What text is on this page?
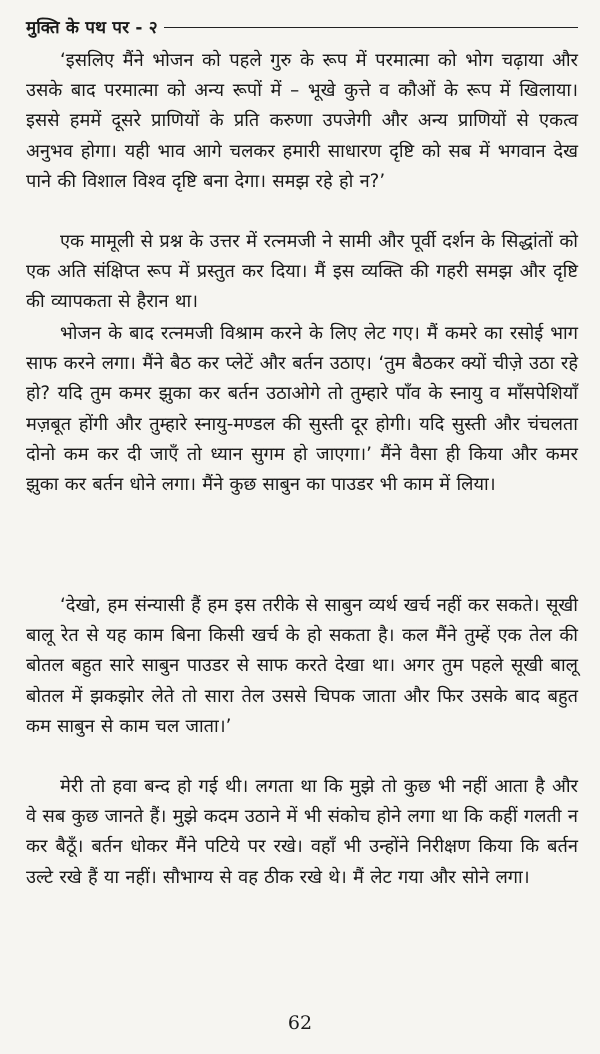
मुक्ति के पथ पर - २

‘इसलिए मैंने भोजन को पहले गुरु के रूप में परमात्मा को भोग चढ़ाया और उसके बाद परमात्मा को अन्य रूपों में – भूखे कुत्ते व कौओं के रूप में खिलाया। इससे हममें दूसरे प्राणियों के प्रति करुणा उपजेगी और अन्य प्राणियों से एकत्व अनुभव होगा। यही भाव आगे चलकर हमारी साधारण दृष्टि को सब में भगवान देख पाने की विशाल विश्व दृष्टि बना देगा। समझ रहे हो न?’

एक मामूली से प्रश्न के उत्तर में रत्नमजी ने सामी और पूर्वी दर्शन के सिद्धांतों को एक अति संक्षिप्त रूप में प्रस्तुत कर दिया। मैं इस व्यक्ति की गहरी समझ और दृष्टि की व्यापकता से हैरान था।

भोजन के बाद रत्नमजी विश्राम करने के लिए लेट गए। मैं कमरे का रसोई भाग साफ करने लगा। मैंने बैठ कर प्लेटें और बर्तन उठाए। ‘तुम बैठकर क्यों चीज़े उठा रहे हो? यदि तुम कमर झुका कर बर्तन उठाओगे तो तुम्हारे पाँव के स्नायु व माँसपेशियाँ मज़बूत होंगी और तुम्हारे स्नायु-मण्डल की सुस्ती दूर होगी। यदि सुस्ती और चंचलता दोनो कम कर दी जाएँ तो ध्यान सुगम हो जाएगा।’ मैंने वैसा ही किया और कमर झुका कर बर्तन धोने लगा। मैंने कुछ साबुन का पाउडर भी काम में लिया।

‘देखो, हम संन्यासी हैं हम इस तरीके से साबुन व्यर्थ खर्च नहीं कर सकते। सूखी बालू रेत से यह काम बिना किसी खर्च के हो सकता है। कल मैंने तुम्हें एक तेल की बोतल बहुत सारे साबुन पाउडर से साफ करते देखा था। अगर तुम पहले सूखी बालू बोतल में झकझोर लेते तो सारा तेल उससे चिपक जाता और फिर उसके बाद बहुत कम साबुन से काम चल जाता।’

मेरी तो हवा बन्द हो गई थी। लगता था कि मुझे तो कुछ भी नहीं आता है और वे सब कुछ जानते हैं। मुझे कदम उठाने में भी संकोच होने लगा था कि कहीं गलती न कर बैठूँ। बर्तन धोकर मैंने पटिये पर रखे। वहाँ भी उन्होंने निरीक्षण किया कि बर्तन उल्टे रखे हैं या नहीं। सौभाग्य से वह ठीक रखे थे। मैं लेट गया और सोने लगा।

62
